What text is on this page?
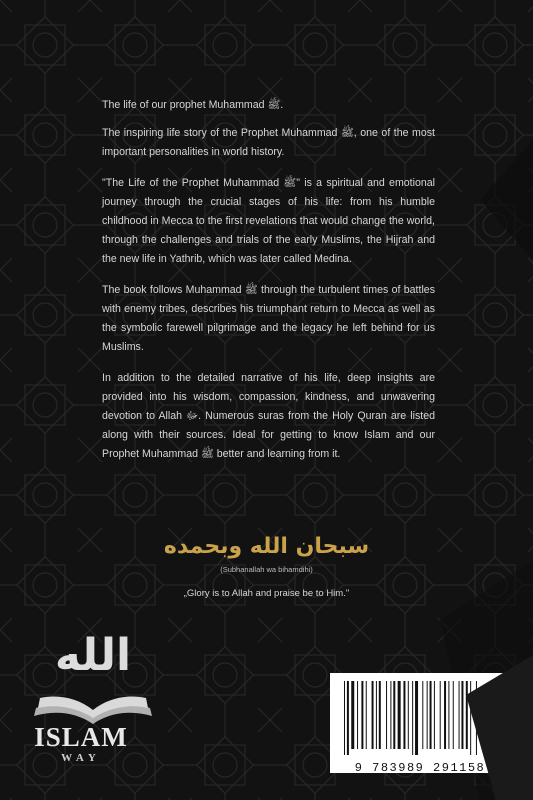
The life of our prophet Muhammad ﷺ.

The inspiring life story of the Prophet Muhammad ﷺ, one of the most important personalities in world history.

"The Life of the Prophet Muhammad ﷺ" is a spiritual and emotional journey through the crucial stages of his life: from his humble childhood in Mecca to the first revelations that would change the world, through the challenges and trials of the early Muslims, the Hijrah and the new life in Yathrib, which was later called Medina.

The book follows Muhammad ﷺ through the turbulent times of battles with enemy tribes, describes his triumphant return to Mecca as well as the symbolic farewell pilgrimage and the legacy he left behind for us Muslims.

In addition to the detailed narrative of his life, deep insights are provided into his wisdom, compassion, kindness, and unwavering devotion to Allah ﷻ. Numerous suras from the Holy Quran are listed along with their sources. Ideal for getting to know Islam and our Prophet Muhammad ﷺ better and learning from it.

سبحان الله وبحمده
(Subhanallah wa bihamdihi)
„Glory is to Allah and praise be to Him."
الله
ISLAM
WAY
9 783989 291158
